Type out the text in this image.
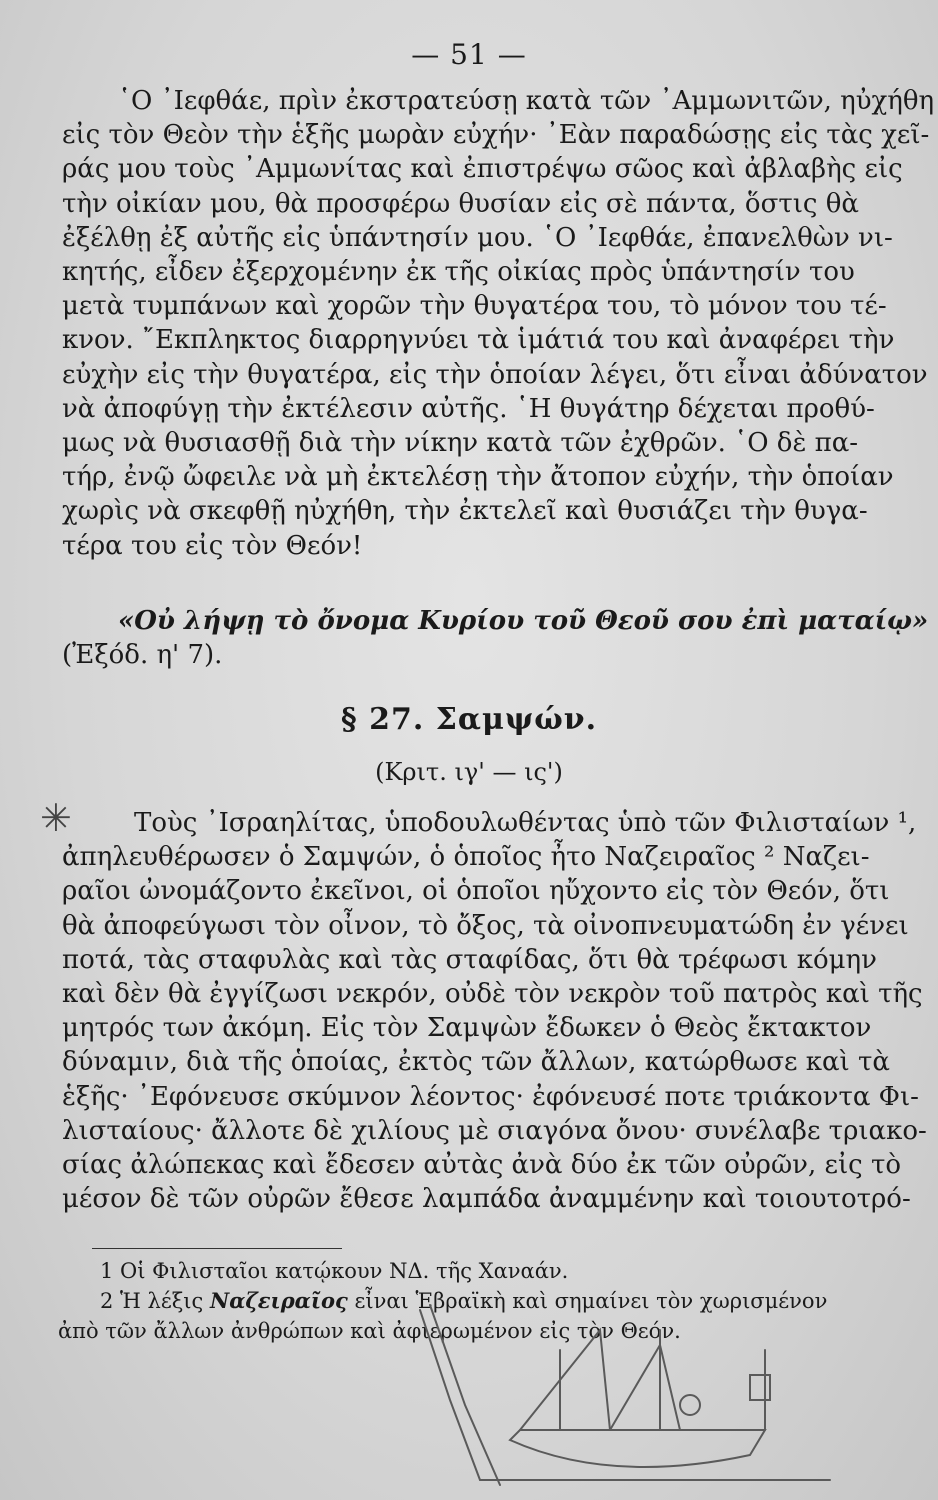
— 51 —
῾Ο ᾿Ιεφθάε, πρὶν ἐκστρατεύσῃ κατὰ τῶν ᾿Αμμωνιτῶν, ηὐχήθη
εἰς τὸν Θεὸν τὴν ἑξῆς μωρὰν εὐχήν· ᾿Εὰν παραδώσῃς εἰς τὰς χεῖ-
ράς μου τοὺς ᾿Αμμωνίτας καὶ ἐπιστρέψω σῶος καὶ ἀβλαβὴς εἰς
τὴν οἰκίαν μου, θὰ προσφέρω θυσίαν εἰς σὲ πάντα, ὅστις θὰ
ἐξέλθῃ ἐξ αὐτῆς εἰς ὑπάντησίν μου. ῾Ο ᾿Ιεφθάε, ἐπανελθὼν νι-
κητής, εἶδεν ἐξερχομένην ἐκ τῆς οἰκίας πρὸς ὑπάντησίν του
μετὰ τυμπάνων καὶ χορῶν τὴν θυγατέρα του, τὸ μόνον του τέ-
κνον. ῎Εκπληκτος διαρρηγνύει τὰ ἱμάτιά του καὶ ἀναφέρει τὴν
εὐχὴν εἰς τὴν θυγατέρα, εἰς τὴν ὁποίαν λέγει, ὅτι εἶναι ἀδύνατον
νὰ ἀποφύγῃ τὴν ἐκτέλεσιν αὐτῆς. ῾Η θυγάτηρ δέχεται προθύ-
μως νὰ θυσιασθῇ διὰ τὴν νίκην κατὰ τῶν ἐχθρῶν. ῾Ο δὲ πα-
τήρ, ἐνῷ ὤφειλε νὰ μὴ ἐκτελέσῃ τὴν ἄτοπον εὐχήν, τὴν ὁποίαν
χωρὶς νὰ σκεφθῇ ηὐχήθη, τὴν ἐκτελεῖ καὶ θυσιάζει τὴν θυγα-
τέρα του εἰς τὸν Θεόν!
«Οὐ λήψῃ τὸ ὄνομα Κυρίου τοῦ Θεοῦ σου ἐπὶ ματαίῳ»
(Ἐξόδ. η' 7).
§ 27. Σαμψών.
(Κριτ. ιγ' — ις')
✳	Τοὺς ᾿Ισραηλίτας, ὑποδουλωθέντας ὑπὸ τῶν Φιλισταίων ¹,
ἀπηλευθέρωσεν ὁ Σαμψών, ὁ ὁποῖος ἦτο Ναζειραῖος ² Ναζει-
ραῖοι ὠνομάζοντο ἐκεῖνοι, οἱ ὁποῖοι ηὔχοντο εἰς τὸν Θεόν, ὅτι
θὰ ἀποφεύγωσι τὸν οἶνον, τὸ ὄξος, τὰ οἰνοπνευματώδη ἐν γένει
ποτά, τὰς σταφυλὰς καὶ τὰς σταφίδας, ὅτι θὰ τρέφωσι κόμην
καὶ δὲν θὰ ἐγγίζωσι νεκρόν, οὐδὲ τὸν νεκρὸν τοῦ πατρὸς καὶ τῆς
μητρός των ἀκόμη. Εἰς τὸν Σαμψὼν ἔδωκεν ὁ Θεὸς ἔκτακτον
δύναμιν, διὰ τῆς ὁποίας, ἐκτὸς τῶν ἄλλων, κατώρθωσε καὶ τὰ
ἑξῆς· ᾿Εφόνευσε σκύμνον λέοντος· ἐφόνευσέ ποτε τριάκοντα Φι-
λισταίους· ἄλλοτε δὲ χιλίους μὲ σιαγόνα ὄνου· συνέλαβε τριακο-
σίας ἀλώπεκας καὶ ἔδεσεν αὐτὰς ἀνὰ δύο ἐκ τῶν οὐρῶν, εἰς τὸ
μέσον δὲ τῶν οὐρῶν ἔθεσε λαμπάδα ἀναμμένην καὶ τοιουτοτρό-
1 Οἱ Φιλισταῖοι κατῴκουν ΝΔ. τῆς Χαναάν.
2 Ἡ λέξις Ναζειραῖος εἶναι Ἑβραϊκὴ καὶ σημαίνει τὸν χωρισμένον
ἀπὸ τῶν ἄλλων ἀνθρώπων καὶ ἀφιερωμένον εἰς τὸν Θεόν.
